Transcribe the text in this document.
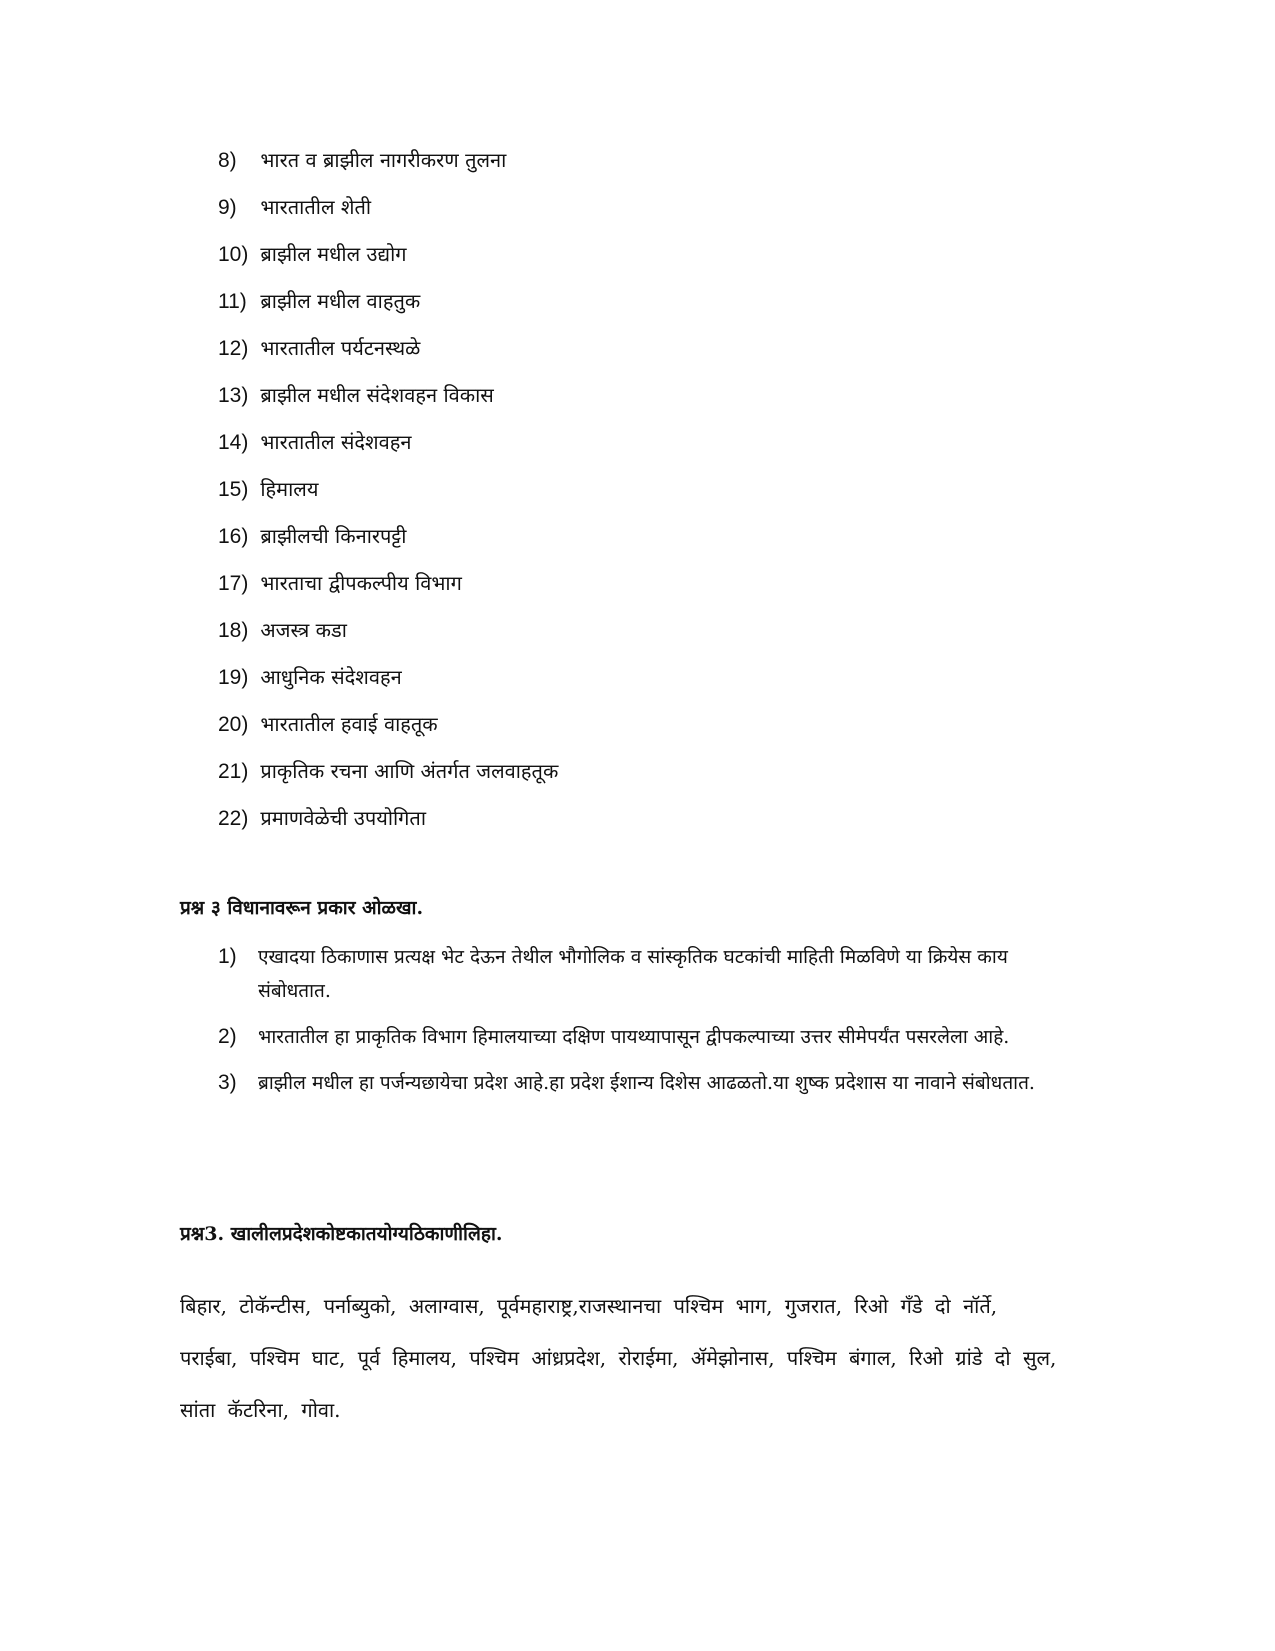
8) भारत व ब्राझील नागरीकरण तुलना
9) भारतातील शेती
10) ब्राझील मधील उद्योग
11) ब्राझील मधील वाहतुक
12) भारतातील पर्यटनस्थळे
13) ब्राझील मधील संदेशवहन विकास
14) भारतातील संदेशवहन
15) हिमालय
16) ब्राझीलची किनारपट्टी
17) भारताचा द्वीपकल्पीय विभाग
18) अजस्त्र कडा
19) आधुनिक संदेशवहन
20) भारतातील हवाई वाहतूक
21) प्राकृतिक रचना आणि अंतर्गत जलवाहतूक
22) प्रमाणवेळेची उपयोगिता
प्रश्न ३ विधानावरून प्रकार ओळखा.
1)	एखादया ठिकाणास प्रत्यक्ष भेट देऊन तेथील भौगोलिक व सांस्कृतिक घटकांची माहिती मिळविणे या क्रियेस काय संबोधतात.
2)	भारतातील हा प्राकृतिक विभाग हिमालयाच्या दक्षिण पायथ्यापासून द्वीपकल्पाच्या उत्तर सीमेपर्यंत पसरलेला आहे.
3)	ब्राझील मधील हा पर्जन्यछायेचा प्रदेश आहे.हा प्रदेश ईशान्य दिशेस आढळतो.या शुष्क प्रदेशास या नावाने संबोधतात.
प्रश्न3. खालीलप्रदेशकोष्टकातयोग्यठिकाणीलिहा.
बिहार, टोकॅन्टीस, पर्नाब्युको, अलाग्वास, पूर्वमहाराष्ट्र,राजस्थानचा पश्चिम भाग, गुजरात, रिओ गॅंडे दो नॉर्ते, पराईबा, पश्चिम घाट, पूर्व हिमालय, पश्चिम आंध्रप्रदेश, रोराईमा, ॲमेझोनास, पश्चिम बंगाल, रिओ ग्रांडे दो सुल, सांता कॅटरिना, गोवा.
